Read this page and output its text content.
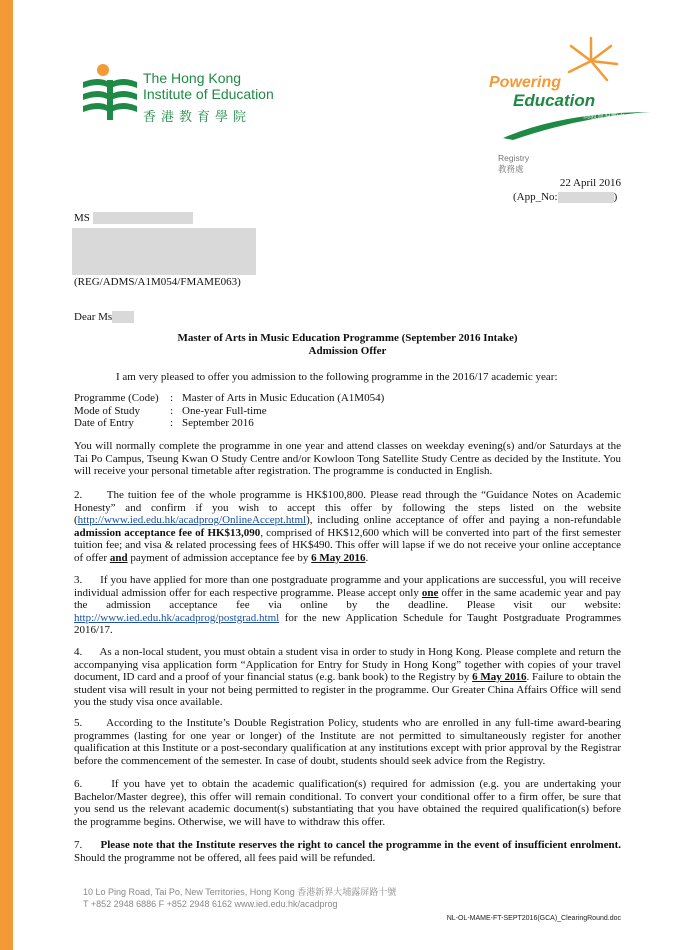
The Hong Kong
Institute of Education
香港教育學院
Powering
Education
為教育原動力
Registry
教務處
22 April 2016
(App_No:	)
MS
(REG/ADMS/A1M054/FMAME063)
Dear Ms
Master of Arts in Music Education Programme (September 2016 Intake)
Admission Offer
I am very pleased to offer you admission to the following programme in the 2016/17 academic year:
Programme (Code)	: Master of Arts in Music Education (A1M054)
Mode of Study	: One-year Full-time
Date of Entry	: September 2016
You will normally complete the programme in one year and attend classes on weekday evening(s) and/or Saturdays at the Tai Po Campus, Tseung Kwan O Study Centre and/or Kowloon Tong Satellite Study Centre as decided by the Institute. You will receive your personal timetable after registration. The programme is conducted in English.
2. The tuition fee of the whole programme is HK$100,800. Please read through the “Guidance Notes on Academic Honesty” and confirm if you wish to accept this offer by following the steps listed on the website (http://www.ied.edu.hk/acadprog/OnlineAccept.html), including online acceptance of offer and paying a non-refundable admission acceptance fee of HK$13,090, comprised of HK$12,600 which will be converted into part of the first semester tuition fee; and visa & related processing fees of HK$490. This offer will lapse if we do not receive your online acceptance of offer and payment of admission acceptance fee by 6 May 2016.
3. If you have applied for more than one postgraduate programme and your applications are successful, you will receive individual admission offer for each respective programme. Please accept only one offer in the same academic year and pay the admission acceptance fee via online by the deadline. Please visit our website: http://www.ied.edu.hk/acadprog/postgrad.html for the new Application Schedule for Taught Postgraduate Programmes 2016/17.
4. As a non-local student, you must obtain a student visa in order to study in Hong Kong. Please complete and return the accompanying visa application form “Application for Entry for Study in Hong Kong” together with copies of your travel document, ID card and a proof of your financial status (e.g. bank book) to the Registry by 6 May 2016. Failure to obtain the student visa will result in your not being permitted to register in the programme. Our Greater China Affairs Office will send you the study visa once available.
5. According to the Institute’s Double Registration Policy, students who are enrolled in any full-time award-bearing programmes (lasting for one year or longer) of the Institute are not permitted to simultaneously register for another qualification at this Institute or a post-secondary qualification at any institutions except with prior approval by the Registrar before the commencement of the semester. In case of doubt, students should seek advice from the Registry.
6.	If you have yet to obtain the academic qualification(s) required for admission (e.g. you are undertaking your Bachelor/Master degree), this offer will remain conditional. To convert your conditional offer to a firm offer, be sure that you send us the relevant academic document(s) substantiating that you have obtained the required qualification(s) before the programme begins. Otherwise, we will have to withdraw this offer.
7. Please note that the Institute reserves the right to cancel the programme in the event of insufficient enrolment. Should the programme not be offered, all fees paid will be refunded.
10 Lo Ping Road, Tai Po, New Territories, Hong Kong 香港新界大埔露屏路十號
T +852 2948 6886 F +852 2948 6162 www.ied.edu.hk/acadprog
NL-OL-MAME-FT-SEPT2016(GCA)_ClearingRound.doc
